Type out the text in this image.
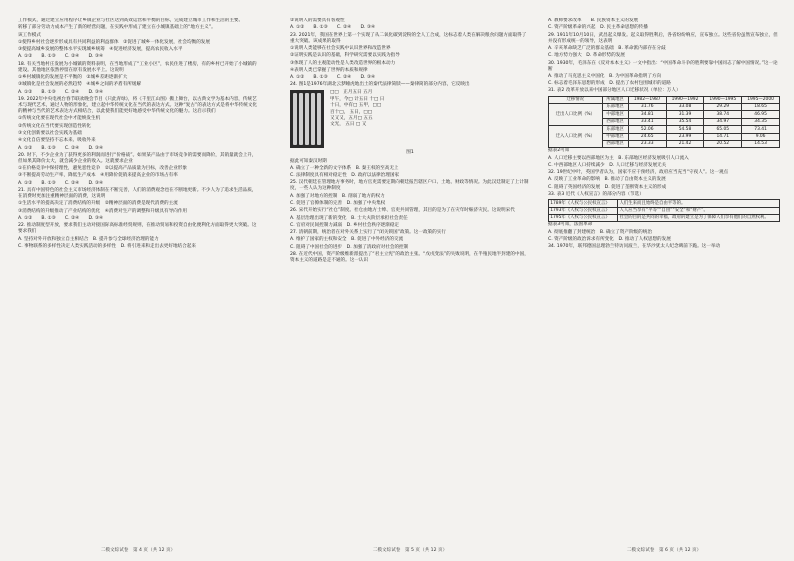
工作模式，通过建立应用程序让乡镇企业与社区达到高效运营和平衡的目标，完成建立城市工作和生活的主要。

转移了部分劳动力成本产生了新的经营问题，在实践中形成了建立在小城镇基础上的“地方主义”。

该工作模式

①使得乡村社会逐步形成具有共同利益的利益群体　②促进了城乡一体化发展，社会均衡的发展

③使提高城乡发展的整体水平实现城乡统筹　④促进经济发展，提高农民收入水平

A. ①②　　B. ①③　　C. ②④　　D. ③④

18. 有关当地村庄发展为小城镇的资料表明，在当地形成了“工业小区”，农民住进了楼房，有的乡村已开始了小城镇的建设。其他地区依然停留在原有发展水平上。这说明

①乡村城镇化的发展是不平衡的　②城乡差距逐渐扩大

③城镇化是社会发展的必然趋势　④城乡之间的矛盾有所缓解

A. ①②　　B. ①③　　C. ②④　　D. ③④

19. 2022年中央电视台春节联欢晚会节目《只此青绿》，将《千里江山图》搬上舞台，以古典文学为基本内容，传统艺术与现代艺术，通过人物的形象化，建立起中华传统文化在当代的表达方式。这种“复古”的表达方式是将中华传统文化的精神与当代的艺术表达方式相结合，以此使我们能更好地感受中华传统文化的魅力。这启示我们

①传统文化要在现代社会中才能焕发生机

②传统文化在当代要实现创造性转化

③文化创新要以社会实践为基础

④文化自信要坚持不忘本来、吸收外来

A. ①②　　B. ①③　　C. ②④　　D. ③④

20. 时下，不少企业为了获得更多的利润而进行“价格战”。如果某产品由于市场竞争的需要而降价，其销量就会上升，但如果其降价太大，就会减少企业的收入。这就要求企业

①在价格竞争中保持理性，避免恶性竞争　②以提高产品质量为目标，改善企业形象

③不断提高劳动生产率，降低生产成本　④用降价促销来提高企业的市场占有率

A. ①②　　B. ①③　　C. ②④　　D. ③④

21. 具有中国特色的社会主义市场经济体制在不断完善，人们的消费观念也在不断地更新。不少人为了追求生活品质，在消费时更加注重精神层面的消费，这说明

①生活水平的提高决定了消费结构的升级　②精神层面的消费是现代消费的主流

③消费结构的升级推动了产业结构的优化　④消费对生产的调整和升级具有导向作用

A. ①②　　B. ①③　　C. ②④　　D. ③④

22. 推动制度型开放，要求我们主动对接国际高标准经贸规则，在推动贸易和投资自由化便利化方面取得更大突破。这要求我们

A. 坚持对外开放和独立自主相结合　B. 提升参与全球经济治理的能力

C. 事物联系的多样性决定人类实践活动的多样性　D. 将引进来和走出去更好地结合起来

②说明人的需要具有客观性

A. ①②　　B. ①③　　C. ②④　　D. ③④

23. 2021年，我国在世界上第一个实现了从二氧化碳到淀粉的全人工合成，这标志着人类在解决粮食问题方面取得了重大突破。该成果的取得

①说明人类能够在社会实践中认识世界和改造世界

②证明实践是认识的基础，科学研究需要以实践为指导

③体现了人的主观能动性是人类改造世界的根本动力

④表明人类已掌握了世界的本质和规律

A. ①②　　B. ①③　　C. ②④　　D. ③④

24. 图1是1976年湖北云梦睡虎地出土的秦代法律简牍——秦律简的部分内容，它反映出

□□　正月五日 五月
甲午，今□ 计五日 十□ 日
十日，中有□ 五甲，□□
百十□， 五日，□□
又又又，五月□ 五五
文光， 五日 □ 又
图1

据此可知秦汉时期

A. 确立了一种全新的文字体系　B. 秦王权的至高无上

C. 法律制度具有相对稳定性　D. 政府以法律治理国家

25. 汉代朝廷在管理地方事务时，地方官吏需要定期向朝廷报告辖区户口、土地、财政等情况。为此汉廷制定了上计制度，一些人认为这种制度

A. 加强了对地方的控制　B. 削弱了地方的权力

C. 促进了官僚体制的完善　D. 加强了中央集权

26. 宋代开始实行“社仓”制度。社仓由地方士绅、官吏共同管理，其目的是为了在灾年时赈济灾民。这说明宋代

A. 基层治理出现了新的变化　B. 士大夫阶层承担社会责任

C. 官府对民间控制力减弱　D. 乡村社会秩序逐渐稳定

27. 清朝前期，统治者在对外关系上实行了“闭关锁国”政策。这一政策的实行

A. 维护了国家的主权和安全　B. 促进了中外经济的交流

C. 阻碍了中国社会的进步　D. 加强了清政府对社会的控制

28. 在近代中国，资产阶级维新派提出了“君主立宪”的政治主张。“戊戌变法”的失败说明，在半殖民地半封建的中国，资本主义的道路是走不通的。这一认识

A. 教师要求改革　　B. 民族资本主义的发展

C. 资产阶级革命的兴起　D. 民主革命思想的传播

29. 1911年10月10日，武昌起义爆发。起义取得胜利后，各省纷纷响应，宣布独立。这些省份虽然宣布独立，但并没有形成统一的领导，这表明

A. 辛亥革命缺乏广泛的群众基础　B. 革命派内部存在分歧

C. 地方势力强大　D. 革命形势的发展

30. 1930年，毛泽东在《反对本本主义》一文中指出：“中国革命斗争的胜利要靠中国同志了解中国情况。”这一论断

A. 推动了马克思主义中国化　B. 为中国革命指明了方向

C. 标志着毛泽东思想的形成　D. 提出了农村包围城市的道路

31. 表2 改革开放以来中国部分地区人口迁移状况（单位：万人）

迁移情况	所属地区	1982—1987	1990—1992	1990—1995	1995—2000
迁出人口比例（%）	东部地区	31.76	33.08	29.29	18.65
	中部地区	34.81	31.39	38.74	46.95
	西部地区	33.41	35.54	34.97	34.35
迁入人口比例（%）	东部地区	52.06	54.58	65.05	73.41
	中部地区	24.65	23.99	14.71	9.06
	西部地区	23.33	21.42	20.52	14.53

据表2可知

A. 人口迁移主要以西部地区为主　B. 东部地区经济发展吸引人口流入

C. 中西部地区人口持续减少　D. 人口迁移与经济发展无关

32. 19世纪中叶，英国学者认为，国家不应干预经济，政府应当充当“守夜人”。这一观点

A. 反映了工业革命的影响　B. 推动了自由资本主义的发展

C. 阻碍了英国经济的发展　D. 促进了垄断资本主义的形成

33. 表3 近代《人权宣言》的部分内容（节选）

1789年《人权与公民权宣言》	人们生来而且始终是自由平等的。
1793年《人权与公民权宣言》	人人应当享有“平等”“自由”“安全”和“财产”。
1795年《人权与公民权宣言》	社会的目的是共同的幸福，政府的建立是为了保障人们享有他们的自然权利。

据表3可知，法国革命

A. 彻底推翻了封建统治　B. 确立了资产阶级的统治

C. 资产阶级的政治诉求有所变化　D. 推动了人权思想的发展

34. 1970年，联邦德国总理勃兰特访问波兰，在华沙犹太人纪念碑前下跪。这一举动

二模文综试卷　第 4 页（共 12 页）	二模文综试卷　第 5 页（共 12 页）	二模文综试卷　第 6 页（共 12 页）
